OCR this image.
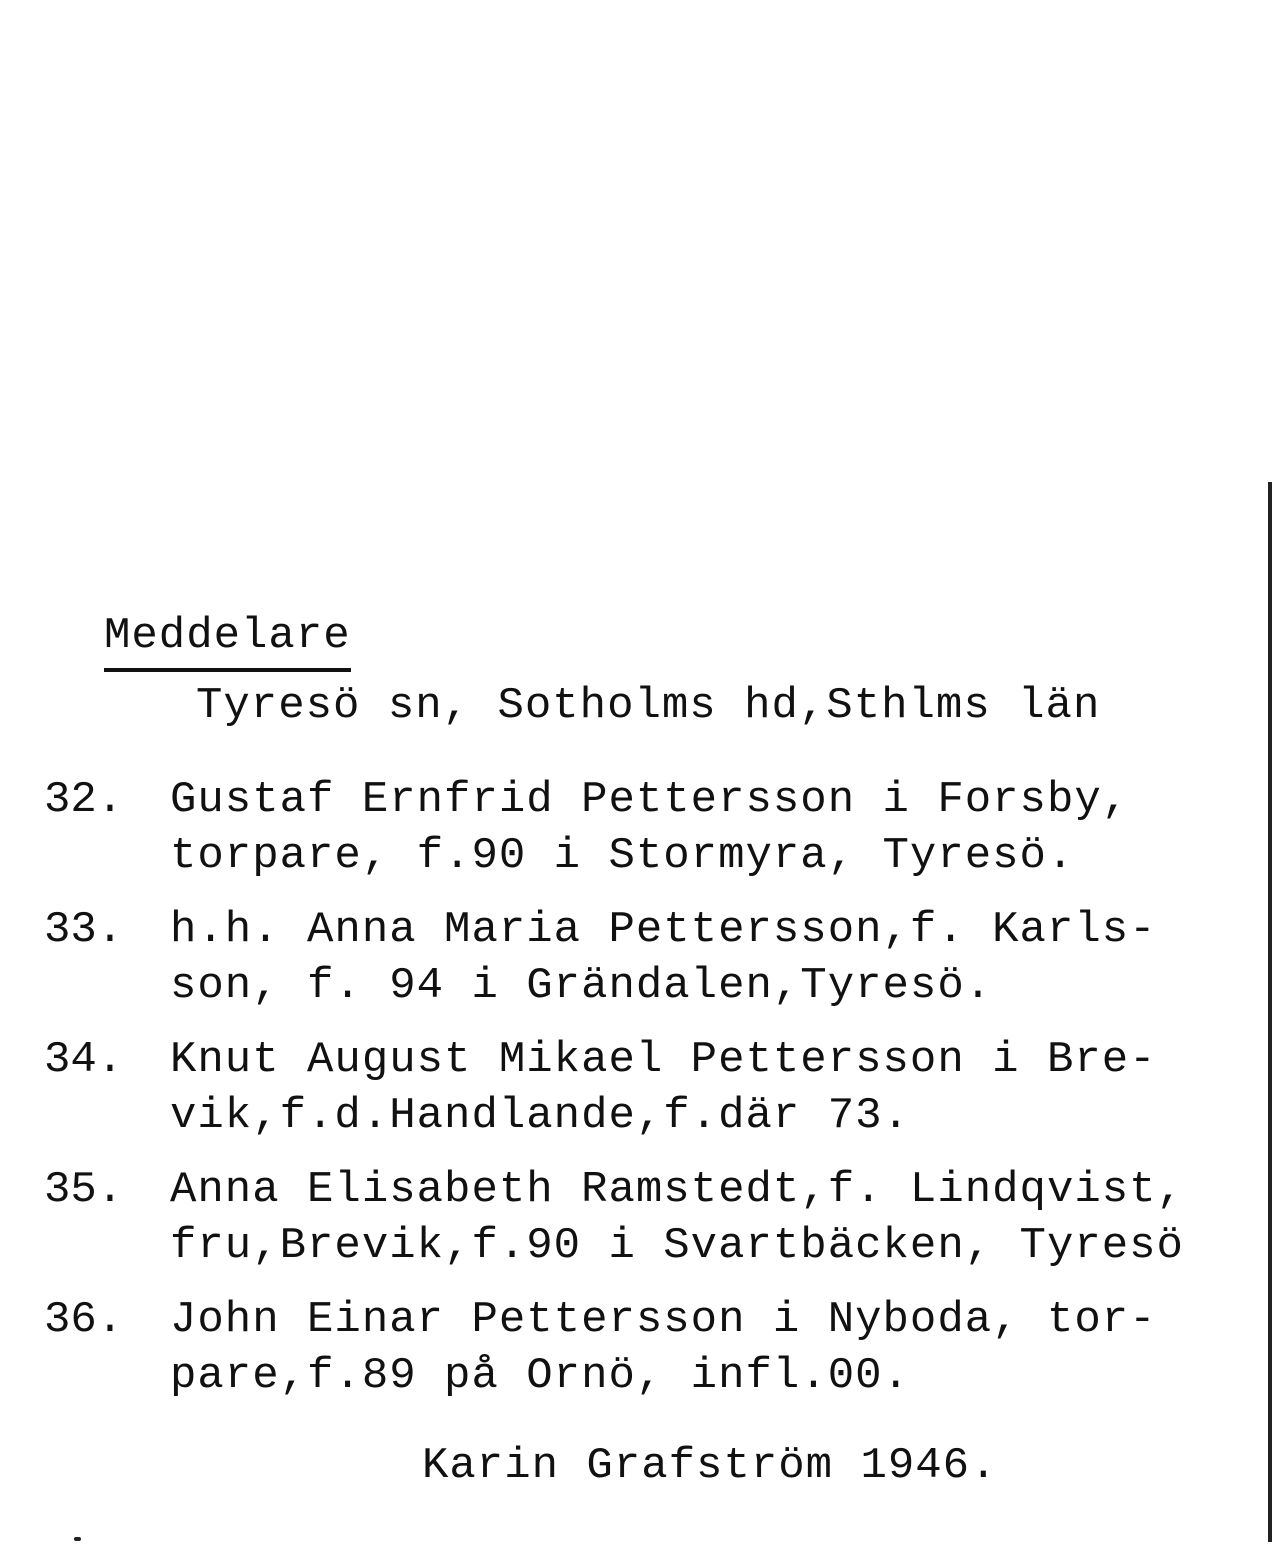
Meddelare
Tyresö sn, Sotholms hd,Sthlms län
32.	Gustaf Ernfrid Pettersson i Forsby,
torpare, f.90 i Stormyra, Tyresö.
33.	h.h. Anna Maria Pettersson,f. Karls-
son, f. 94 i Grändalen,Tyresö.
34.	Knut August Mikael Pettersson i Bre-
vik,f.d.Handlande,f.där 73.
35.	Anna Elisabeth Ramstedt,f. Lindqvist,
fru,Brevik,f.90 i Svartbäcken, Tyresö
36.	John Einar Pettersson i Nyboda, tor-
pare,f.89 på Ornö, infl.00.
Karin Grafström 1946.
